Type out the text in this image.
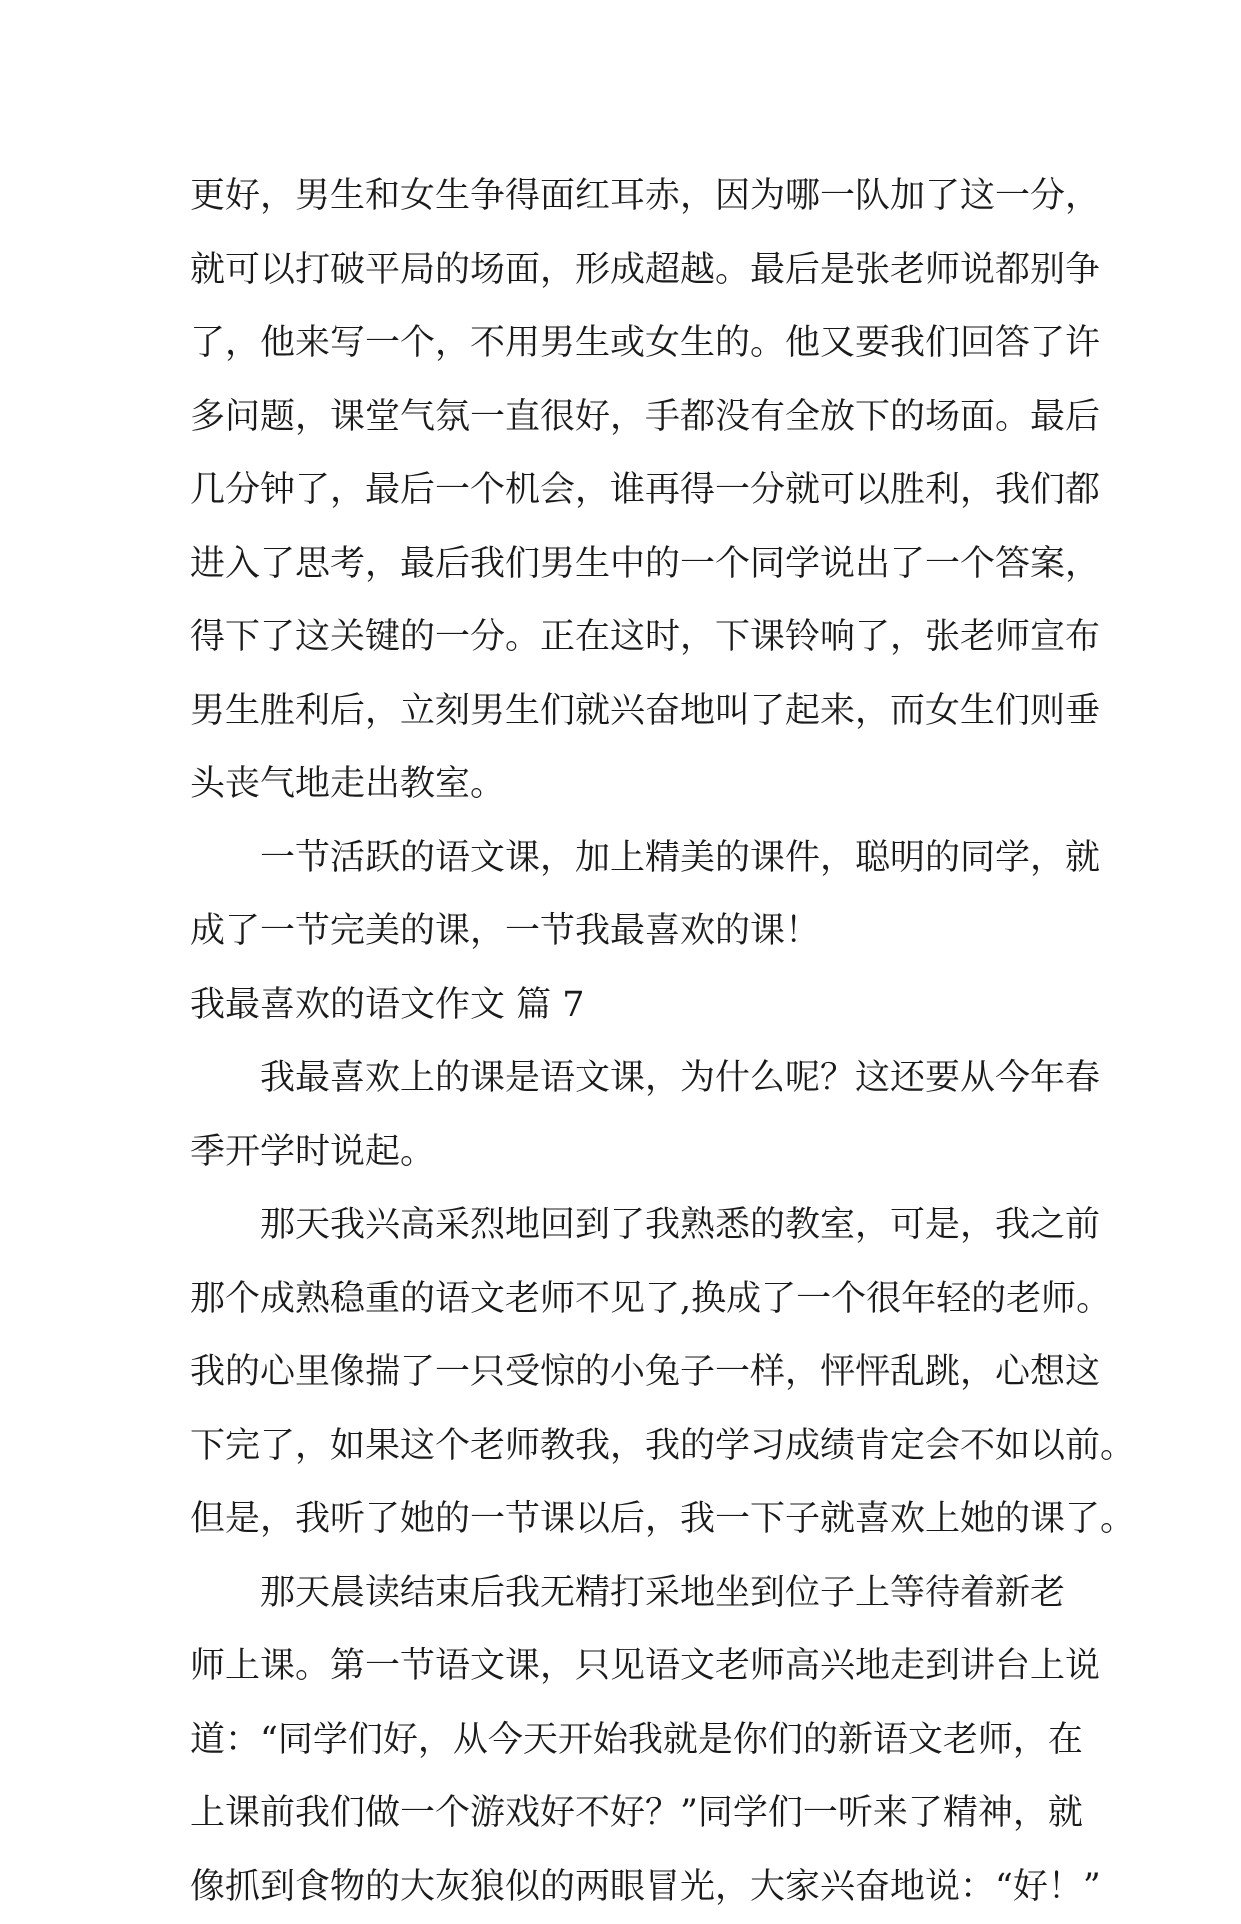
更好，男生和女生争得面红耳赤，因为哪一队加了这一分，
就可以打破平局的场面，形成超越。最后是张老师说都别争
了，他来写一个，不用男生或女生的。他又要我们回答了许
多问题，课堂气氛一直很好，手都没有全放下的场面。最后
几分钟了，最后一个机会，谁再得一分就可以胜利，我们都
进入了思考，最后我们男生中的一个同学说出了一个答案，
得下了这关键的一分。正在这时，下课铃响了，张老师宣布
男生胜利后，立刻男生们就兴奋地叫了起来，而女生们则垂
头丧气地走出教室。
一节活跃的语文课，加上精美的课件，聪明的同学，就
成了一节完美的课，一节我最喜欢的课！
我最喜欢的语文作文 篇 7
我最喜欢上的课是语文课，为什么呢？这还要从今年春
季开学时说起。
那天我兴高采烈地回到了我熟悉的教室，可是，我之前
那个成熟稳重的语文老师不见了,换成了一个很年轻的老师。
我的心里像揣了一只受惊的小兔子一样，怦怦乱跳，心想这
下完了，如果这个老师教我，我的学习成绩肯定会不如以前。
但是，我听了她的一节课以后，我一下子就喜欢上她的课了。
那天晨读结束后我无精打采地坐到位子上等待着新老
师上课。第一节语文课，只见语文老师高兴地走到讲台上说
道：“同学们好，从今天开始我就是你们的新语文老师，在
上课前我们做一个游戏好不好？”同学们一听来了精神，就
像抓到食物的大灰狼似的两眼冒光，大家兴奋地说：“好！”
